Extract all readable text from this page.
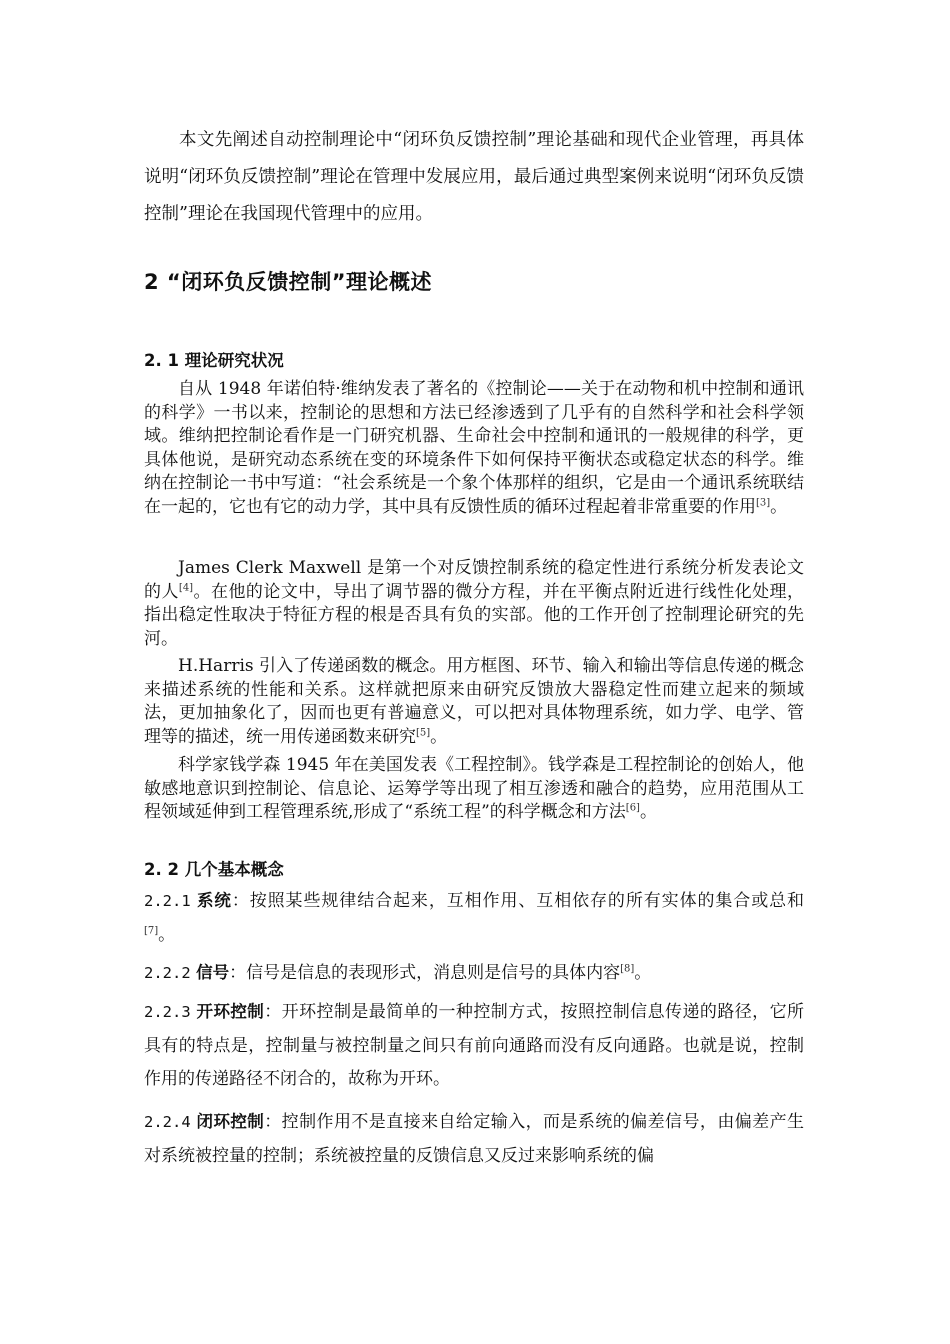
本文先阐述自动控制理论中“闭环负反馈控制”理论基础和现代企业管理，再具体说明“闭环负反馈控制”理论在管理中发展应用，最后通过典型案例来说明“闭环负反馈控制”理论在我国现代管理中的应用。

2 “闭环负反馈控制”理论概述
2. 1 理论研究状况

自从 1948 年诺伯特·维纳发表了著名的《控制论——关于在动物和机中控制和通讯的科学》一书以来，控制论的思想和方法已经渗透到了几乎有的自然科学和社会科学领域。维纳把控制论看作是一门研究机器、生命社会中控制和通讯的一般规律的科学，更具体他说，是研究动态系统在变的环境条件下如何保持平衡状态或稳定状态的科学。维纳在控制论一书中写道：“社会系统是一个象个体那样的组织，它是由一个通讯系统联结在一起的，它也有它的动力学，其中具有反馈性质的循环过程起着非常重要的作用[3]。

James Clerk Maxwell 是第一个对反馈控制系统的稳定性进行系统分析发表论文的人[4]。在他的论文中，导出了调节器的微分方程，并在平衡点附近进行线性化处理，指出稳定性取决于特征方程的根是否具有负的实部。他的工作开创了控制理论研究的先河。

H.Harris 引入了传递函数的概念。用方框图、环节、输入和输出等信息传递的概念来描述系统的性能和关系。这样就把原来由研究反馈放大器稳定性而建立起来的频域法，更加抽象化了，因而也更有普遍意义，可以把对具体物理系统，如力学、电学、管理等的描述，统一用传递函数来研究[5]。

科学家钱学森 1945 年在美国发表《工程控制》。钱学森是工程控制论的创始人，他敏感地意识到控制论、信息论、运筹学等出现了相互渗透和融合的趋势，应用范围从工程领域延伸到工程管理系统,形成了“系统工程”的科学概念和方法[6]。

2. 2 几个基本概念

2.2.1 系统：按照某些规律结合起来，互相作用、互相依存的所有实体的集合或总和[7]。

2.2.2 信号：信号是信息的表现形式，消息则是信号的具体内容[8]。

2.2.3 开环控制：开环控制是最简单的一种控制方式，按照控制信息传递的路径，它所具有的特点是，控制量与被控制量之间只有前向通路而没有反向通路。也就是说，控制作用的传递路径不闭合的，故称为开环。

2.2.4 闭环控制：控制作用不是直接来自给定输入，而是系统的偏差信号，由偏差产生对系统被控量的控制；系统被控量的反馈信息又反过来影响系统的偏
